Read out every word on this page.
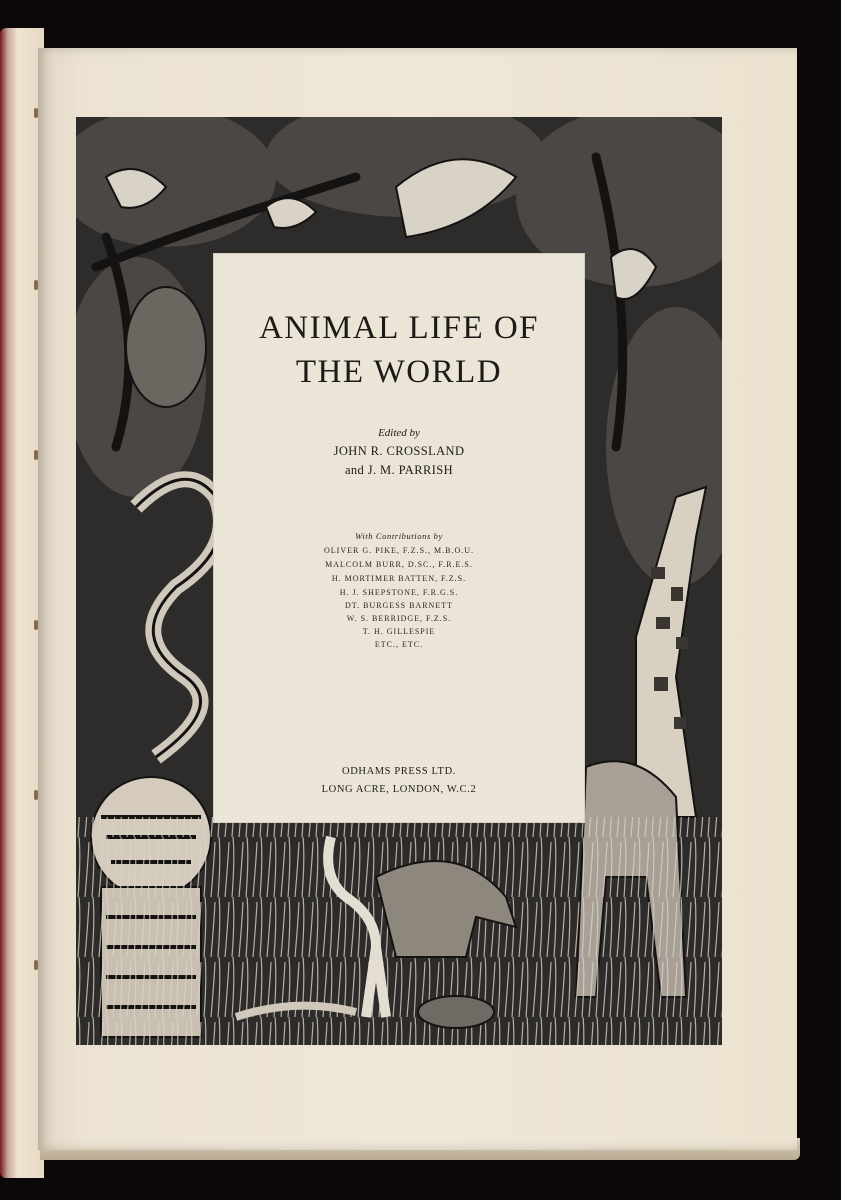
ANIMAL LIFE OF
THE WORLD
Edited by
JOHN R. CROSSLAND
and J. M. PARRISH
With Contributions by
OLIVER G. PIKE, F.Z.S., M.B.O.U.
MALCOLM BURR, D.SC., F.R.E.S.
H. MORTIMER BATTEN, F.Z.S.
H. J. SHEPSTONE, F.R.G.S.
DT. BURGESS BARNETT
W. S. BERRIDGE, F.Z.S.
T. H. GILLESPIE
ETC., ETC.
ODHAMS PRESS LTD.
LONG ACRE, LONDON, W.C.2
